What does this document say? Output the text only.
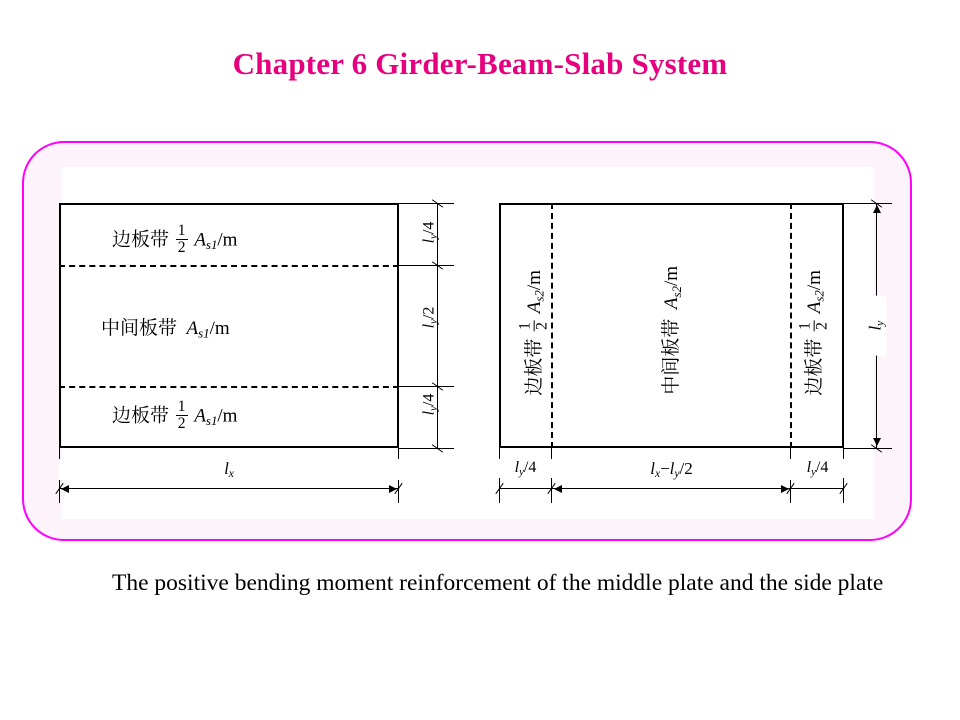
Chapter 6 Girder-Beam-Slab System
边板带 $\frac{1}{2} A_{s1}/m$
中间板带  $A_{s1}/m$
边板带 $\frac{1}{2} A_{s1}/m$
$l_y/4$
$l_y/2$
$l_y/4$
$l_x$
边板带
1 2
$A_{s2}/m$
中间板带  $A_{s2}/m$
边板带
1 2
$A_{s2}/m$
$l_y$
$l_y/4$	$l_x-l_y/2$	$l_y/4$
The positive bending moment reinforcement of the middle plate and the side plate
